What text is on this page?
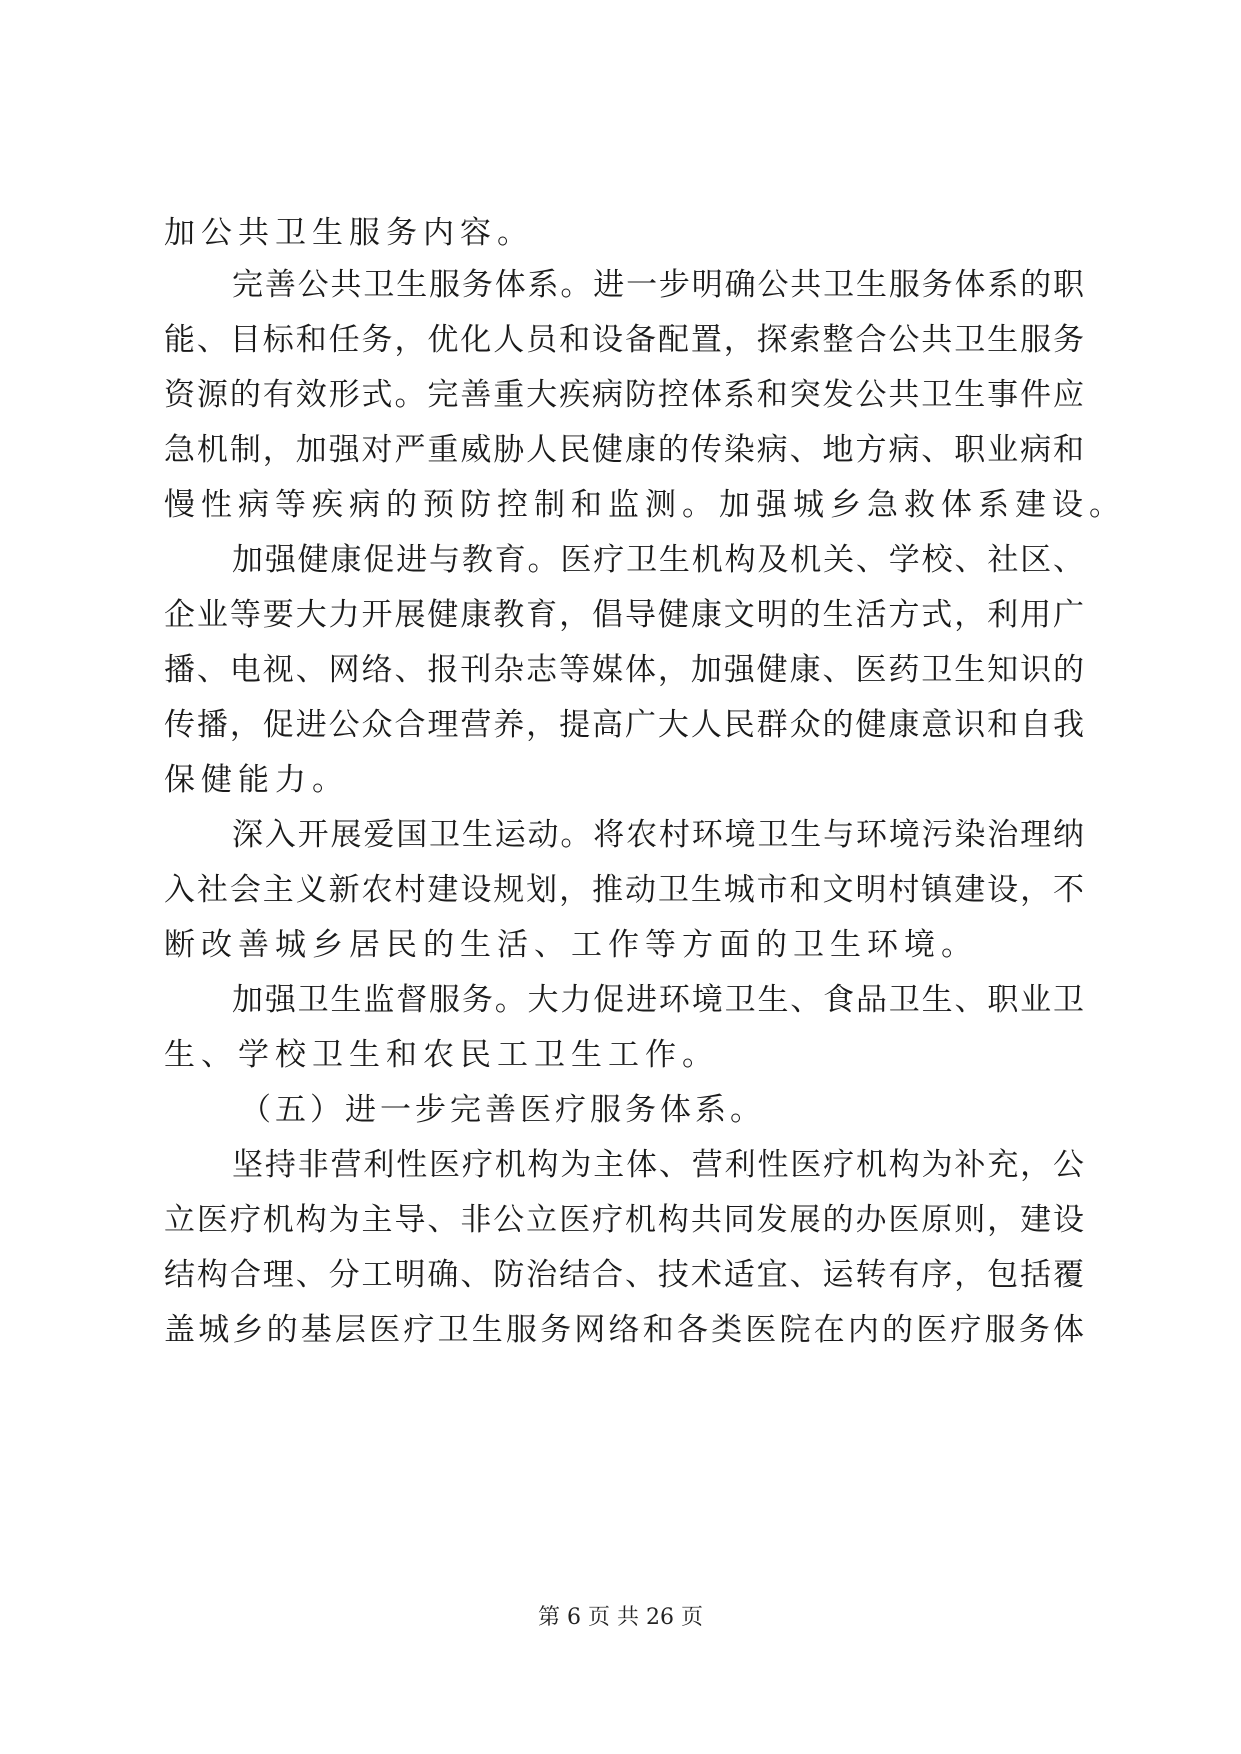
加公共卫生服务内容。
完善公共卫生服务体系。进一步明确公共卫生服务体系的职
能、目标和任务，优化人员和设备配置，探索整合公共卫生服务
资源的有效形式。完善重大疾病防控体系和突发公共卫生事件应
急机制，加强对严重威胁人民健康的传染病、地方病、职业病和
慢性病等疾病的预防控制和监测。加强城乡急救体系建设。
加强健康促进与教育。医疗卫生机构及机关、学校、社区、
企业等要大力开展健康教育，倡导健康文明的生活方式，利用广
播、电视、网络、报刊杂志等媒体，加强健康、医药卫生知识的
传播，促进公众合理营养，提高广大人民群众的健康意识和自我
保健能力。
深入开展爱国卫生运动。将农村环境卫生与环境污染治理纳
入社会主义新农村建设规划，推动卫生城市和文明村镇建设，不
断改善城乡居民的生活、工作等方面的卫生环境。
加强卫生监督服务。大力促进环境卫生、食品卫生、职业卫
生、学校卫生和农民工卫生工作。
（五）进一步完善医疗服务体系。
坚持非营利性医疗机构为主体、营利性医疗机构为补充，公
立医疗机构为主导、非公立医疗机构共同发展的办医原则，建设
结构合理、分工明确、防治结合、技术适宜、运转有序，包括覆
盖城乡的基层医疗卫生服务网络和各类医院在内的医疗服务体
第 6 页 共 26 页
